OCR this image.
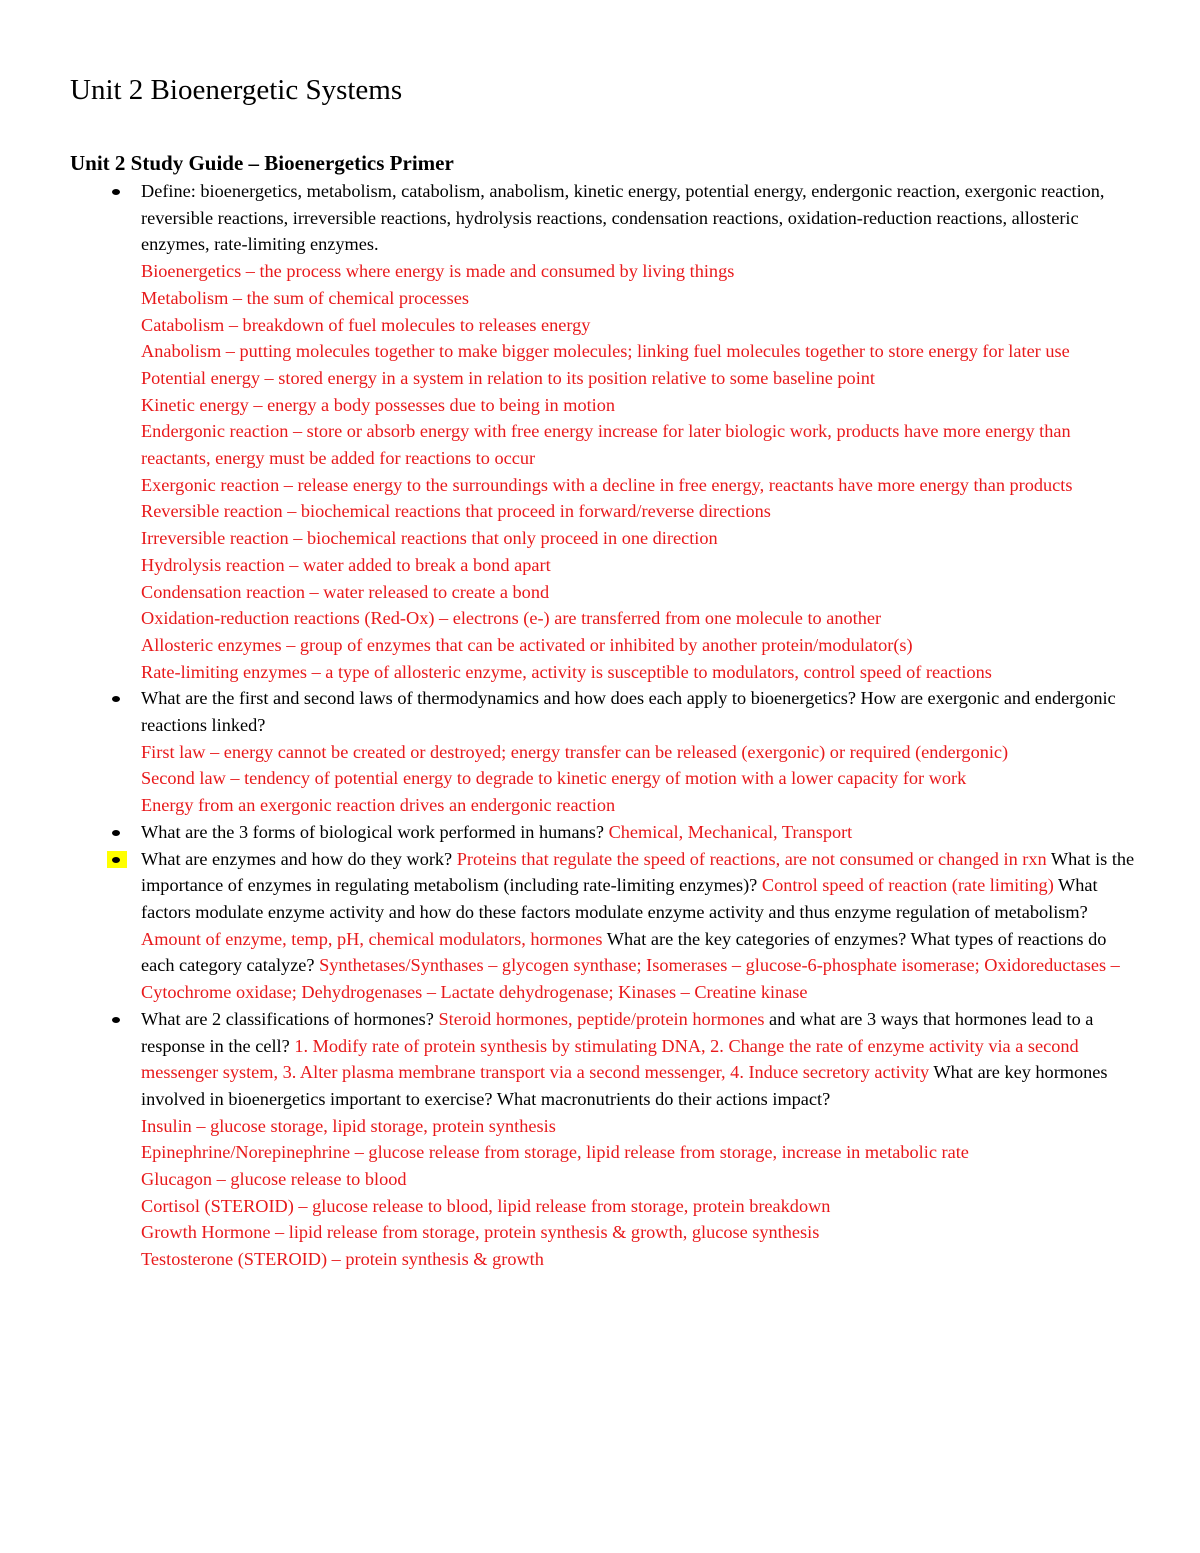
Unit 2 Bioenergetic Systems
Unit 2 Study Guide – Bioenergetics Primer
Define: bioenergetics, metabolism, catabolism, anabolism, kinetic energy, potential energy, endergonic reaction, exergonic reaction, reversible reactions, irreversible reactions, hydrolysis reactions, condensation reactions, oxidation-reduction reactions, allosteric enzymes, rate-limiting enzymes.
Bioenergetics – the process where energy is made and consumed by living things
Metabolism – the sum of chemical processes
Catabolism – breakdown of fuel molecules to releases energy
Anabolism – putting molecules together to make bigger molecules; linking fuel molecules together to store energy for later use
Potential energy – stored energy in a system in relation to its position relative to some baseline point
Kinetic energy – energy a body possesses due to being in motion
Endergonic reaction – store or absorb energy with free energy increase for later biologic work, products have more energy than reactants, energy must be added for reactions to occur
Exergonic reaction – release energy to the surroundings with a decline in free energy, reactants have more energy than products
Reversible reaction – biochemical reactions that proceed in forward/reverse directions
Irreversible reaction – biochemical reactions that only proceed in one direction
Hydrolysis reaction – water added to break a bond apart
Condensation reaction – water released to create a bond
Oxidation-reduction reactions (Red-Ox) – electrons (e-) are transferred from one molecule to another
Allosteric enzymes – group of enzymes that can be activated or inhibited by another protein/modulator(s)
Rate-limiting enzymes – a type of allosteric enzyme, activity is susceptible to modulators, control speed of reactions
What are the first and second laws of thermodynamics and how does each apply to bioenergetics? How are exergonic and endergonic reactions linked?
First law – energy cannot be created or destroyed; energy transfer can be released (exergonic) or required (endergonic)
Second law – tendency of potential energy to degrade to kinetic energy of motion with a lower capacity for work
Energy from an exergonic reaction drives an endergonic reaction
What are the 3 forms of biological work performed in humans? Chemical, Mechanical, Transport
What are enzymes and how do they work? Proteins that regulate the speed of reactions, are not consumed or changed in rxn What is the importance of enzymes in regulating metabolism (including rate-limiting enzymes)? Control speed of reaction (rate limiting) What factors modulate enzyme activity and how do these factors modulate enzyme activity and thus enzyme regulation of metabolism? Amount of enzyme, temp, pH, chemical modulators, hormones What are the key categories of enzymes? What types of reactions do each category catalyze? Synthetases/Synthases – glycogen synthase; Isomerases – glucose-6-phosphate isomerase; Oxidoreductases – Cytochrome oxidase; Dehydrogenases – Lactate dehydrogenase; Kinases – Creatine kinase
What are 2 classifications of hormones? Steroid hormones, peptide/protein hormones and what are 3 ways that hormones lead to a response in the cell? 1. Modify rate of protein synthesis by stimulating DNA, 2. Change the rate of enzyme activity via a second messenger system, 3. Alter plasma membrane transport via a second messenger, 4. Induce secretory activity What are key hormones involved in bioenergetics important to exercise? What macronutrients do their actions impact?
Insulin – glucose storage, lipid storage, protein synthesis
Epinephrine/Norepinephrine – glucose release from storage, lipid release from storage, increase in metabolic rate
Glucagon – glucose release to blood
Cortisol (STEROID) – glucose release to blood, lipid release from storage, protein breakdown
Growth Hormone – lipid release from storage, protein synthesis & growth, glucose synthesis
Testosterone (STEROID) – protein synthesis & growth
